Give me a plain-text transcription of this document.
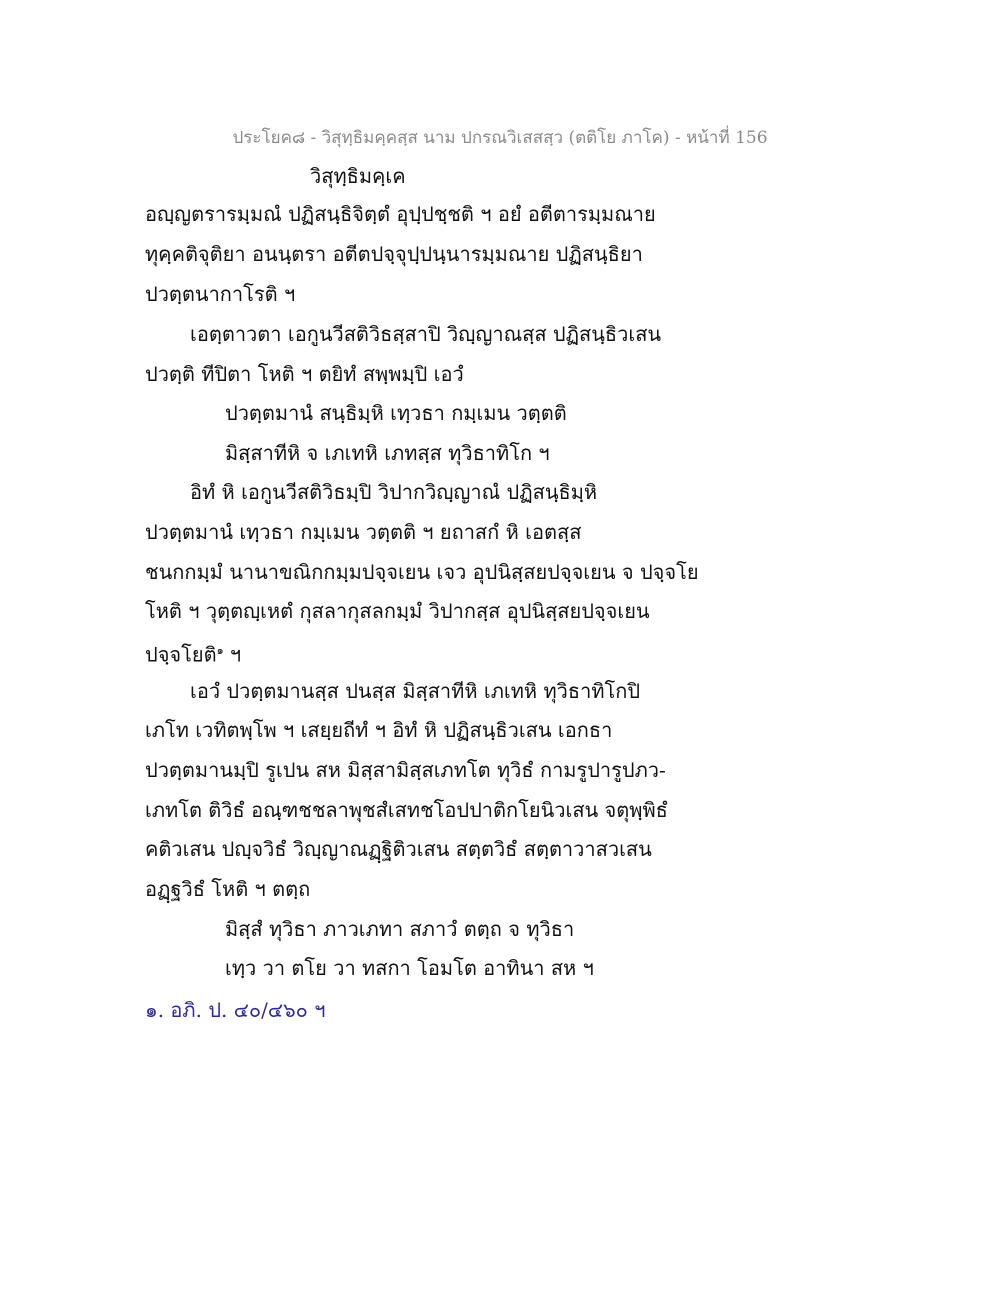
ประโยค๘ - วิสุทฺธิมคฺคสฺส นาม ปกรณวิเสสสฺว (ตติโย ภาโค) - หน้าที่ 156
วิสุทฺธิมคฺเค
อญฺญตรารมฺมณํ ปฏิสนฺธิจิตฺตํ อุปฺปชฺชติ ฯ อยํ อตีตารมฺมณาย
ทุคฺคติจุติยา อนนฺตรา อตีตปจฺจุปฺปนฺนารมฺมณาย ปฏิสนฺธิยา
ปวตฺตนากาโรติ ฯ
เอตฺตาวตา เอกูนวีสติวิธสฺสาปิ วิญฺญาณสฺส ปฏิสนฺธิวเสน
ปวตฺติ ทีปิตา โหติ ฯ ตยิทํ สพฺพมฺปิ เอวํ
ปวตฺตมานํ สนฺธิมฺหิ เทฺวธา กมฺเมน วตฺตติ
มิสฺสาทีหิ จ เภเทหิ เภทสฺส ทุวิธาทิโก ฯ
อิทํ หิ เอกูนวีสติวิธมฺปิ วิปากวิญฺญาณํ ปฏิสนฺธิมฺหิ
ปวตฺตมานํ เทฺวธา กมฺเมน วตฺตติ ฯ ยถาสกํ หิ เอตสฺส
ชนกกมฺมํ นานาขณิกกมฺมปจฺจเยน เจว อุปนิสฺสยปจฺจเยน จ ปจฺจโย
โหติ ฯ วุตฺตญฺเหตํ กุสลากุสลกมฺมํ วิปากสฺส อุปนิสฺสยปจฺจเยน
ปจฺจโยติ$^๑$ ฯ
เอวํ ปวตฺตมานสฺส ปนสฺส มิสฺสาทีหิ เภเทหิ ทุวิธาทิโกปิ
เภโท เวทิตพฺโพ ฯ เสยฺยถีทํ ฯ อิทํ หิ ปฏิสนฺธิวเสน เอกธา
ปวตฺตมานมฺปิ รูเปน สห มิสฺสามิสฺสเภทโต ทุวิธํ กามรูปารูปภว-
เภทโต ติวิธํ อณฺฑชชลาพุชสํเสทชโอปปาติกโยนิวเสน จตุพฺพิธํ
คติวเสน ปญฺจวิธํ วิญฺญาณฏฺฐิติวเสน สตฺตวิธํ สตฺตาวาสวเสน
อฏฺฐวิธํ โหติ ฯ ตตฺถ
มิสฺสํ ทุวิธา ภาวเภทา สภาวํ ตตฺถ จ ทุวิธา
เทฺว วา ตโย วา ทสกา โอมโต อาทินา สห ฯ
๑. อภิ. ป. ๔๐/๔๖๐ ฯ
